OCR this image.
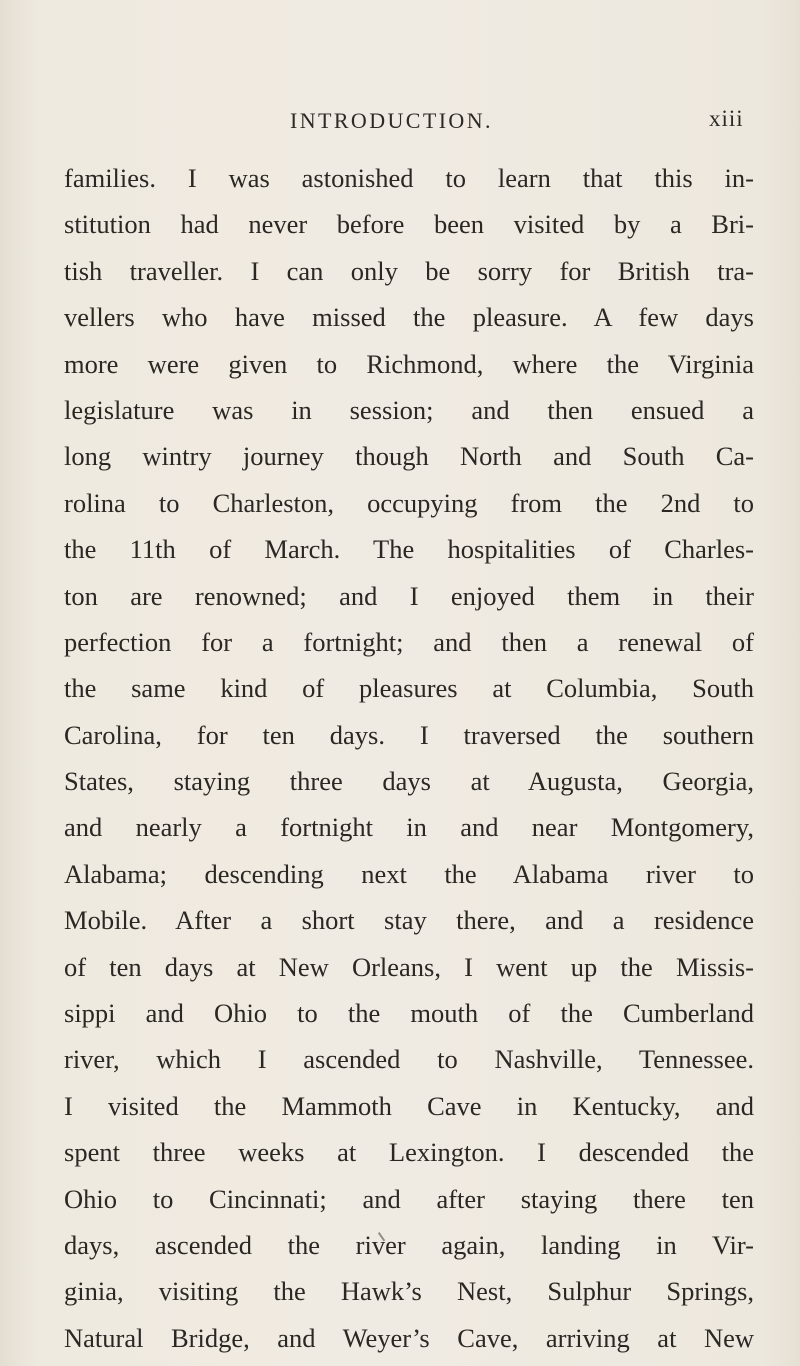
INTRODUCTION.	xiii
families. I was astonished to learn that this in-
stitution had never before been visited by a Bri-
tish traveller. I can only be sorry for British tra-
vellers who have missed the pleasure. A few days
more were given to Richmond, where the Virginia
legislature was in session; and then ensued a
long wintry journey though North and South Ca-
rolina to Charleston, occupying from the 2nd to
the 11th of March. The hospitalities of Charles-
ton are renowned; and I enjoyed them in their
perfection for a fortnight; and then a renewal of
the same kind of pleasures at Columbia, South
Carolina, for ten days. I traversed the southern
States, staying three days at Augusta, Georgia,
and nearly a fortnight in and near Montgomery,
Alabama; descending next the Alabama river to
Mobile. After a short stay there, and a residence
of ten days at New Orleans, I went up the Missis-
sippi and Ohio to the mouth of the Cumberland
river, which I ascended to Nashville, Tennessee.
I visited the Mammoth Cave in Kentucky, and
spent three weeks at Lexington. I descended the
Ohio to Cincinnati; and after staying there ten
days, ascended the river again, landing in Vir-
ginia, visiting the Hawk’s Nest, Sulphur Springs,
Natural Bridge, and Weyer’s Cave, arriving at New
